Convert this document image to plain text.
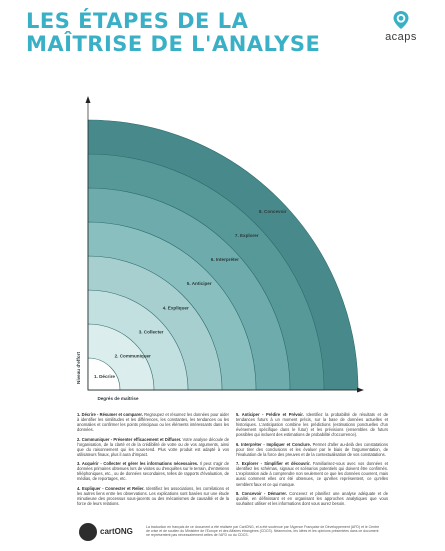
LES ÉTAPES DE LA
MAÎTRISE DE L'ANALYSE	acaps
Niveau d'effort
Degrés de maîtrise
1. Décrire
2. Communiquer
3. Collecter
4. Expliquer
5. Anticiper
6. Interpréter
7. Explorer
8. Concevoir

1. Décrire - Résumer et comparer. Regroupez et résumez les données pour aider à identifier les similitudes et les différences, les constantes, les tendances ou les anomalies et confirmer les points principaux ou les éléments intéressants dans les données.

2. Communiquer - Présenter efficacement et Diffuser. Votre analyse découle de l'organisation, de la clarté et de la crédibilité de votre ou de vos arguments, ainsi que du raisonnement qui les sous-tend. Plus votre produit est adapté à vos utilisateurs finaux, plus il aura d'impact.

3. Acquérir - Collecter et gérer les informations nécessaires. Il peut s'agir de données primaires obtenues lors de visites ou d'enquêtes sur le terrain, d'entretiens téléphoniques, etc., ou de données secondaires, telles de rapports d'évaluation, de médias, de reportages, etc.

4. Expliquer - Connecter et Relier. Identifiez les associations, les corrélations et les autres liens entre les observations. Les explications sont basées sur une étude minutieuse des processus sous-jacents ou des mécanismes de causalité et de la force de leurs relations.

5. Anticiper - Prédire et Prévoir. Identifiez la probabilité de résultats et de tendances futurs à un moment précis, sur la base de données actuelles et historiques. L'anticipation combine les prédictions (estimations ponctuelles d'un événement spécifique dans le futur) et les prévisions (ensembles de futurs possibles qui incluent des estimations de probabilité d'occurrence).

6. Interpréter - Impliquer et Conclure. Permet d'aller au-delà des constatations pour tirer des conclusions et les évaluer par le biais de l'argumentation, de l'évaluation de la force des preuves et de la contextualisation de vos constatations.

7. Explorer - Simplifier et découvrir. Familiarisez-vous avec vos données et identifiez les schémas, signaux et scénarios potentiels qui doivent être confirmés. L'exploration aide à comprendre non seulement ce que les données couvrent, mais aussi comment elles ont été obtenues, ce qu'elles représentent, ce qu'elles semblent faux et ce qui manque.

8. Concevoir - Démarrer. Concevez et planifiez une analyse adéquate et de qualité, en définissant et en organisant les approches analytiques que vous souhaitez utiliser et les informations dont vous aurez besoin.

cartONG	La traduction en français de ce document a été réalisée par CartONG, et a été soutenue par l'Agence Française de Développement (AFD) et le Centre de crise et de soutien du Ministère de l'Europe et des Affaires étrangères (CDCS). Néanmoins, les idées et les opinions présentées dans ce document ne représentent pas nécessairement celles de l'AFD ou du CDCS.
